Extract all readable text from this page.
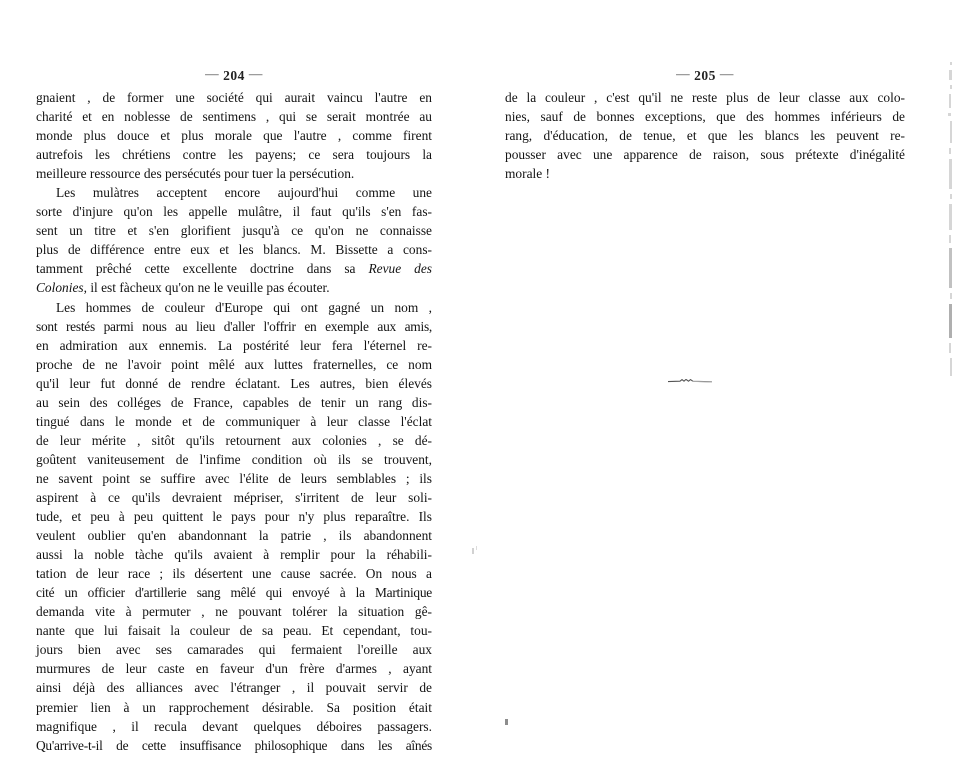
— 204 —

gnaient , de former une société qui aurait vaincu l'autre en
charité et en noblesse de sentimens , qui se serait montrée au
monde plus douce et plus morale que l'autre , comme firent
autrefois les chrétiens contre les payens; ce sera toujours la
meilleure ressource des persécutés pour tuer la persécution.

Les mulàtres acceptent encore aujourd'hui comme une
sorte d'injure qu'on les appelle mulâtre, il faut qu'ils s'en fas-
sent un titre et s'en glorifient jusqu'à ce qu'on ne connaisse
plus de différence entre eux et les blancs. M. Bissette a cons-
tamment prêché cette excellente doctrine dans sa Revue des
Colonies, il est fàcheux qu'on ne le veuille pas écouter.

Les hommes de couleur d'Europe qui ont gagné un nom ,
sont restés parmi nous au lieu d'aller l'offrir en exemple aux amis,
en admiration aux ennemis. La postérité leur fera l'éternel re-
proche de ne l'avoir point mêlé aux luttes fraternelles, ce nom
qu'il leur fut donné de rendre éclatant. Les autres, bien élevés
au sein des colléges de France, capables de tenir un rang dis-
tingué dans le monde et de communiquer à leur classe l'éclat
de leur mérite , sitôt qu'ils retournent aux colonies , se dé-
goûtent vaniteusement de l'infime condition où ils se trouvent,
ne savent point se suffire avec l'élite de leurs semblables ; ils
aspirent à ce qu'ils devraient mépriser, s'irritent de leur soli-
tude, et peu à peu quittent le pays pour n'y plus reparaître. Ils
veulent oublier qu'en abandonnant la patrie , ils abandonnent
aussi la noble tàche qu'ils avaient à remplir pour la réhabili-
tation de leur race ; ils désertent une cause sacrée. On nous a
cité un officier d'artillerie sang mêlé qui envoyé à la Martinique
demanda vite à permuter , ne pouvant tolérer la situation gê-
nante que lui faisait la couleur de sa peau. Et cependant, tou-
jours bien avec ses camarades qui fermaient l'oreille aux
murmures de leur caste en faveur d'un frère d'armes , ayant
ainsi déjà des alliances avec l'étranger , il pouvait servir de
premier lien à un rapprochement désirable. Sa position était
magnifique , il recula devant quelques déboires passagers.
Qu'arrive-t-il de cette insuffisance philosophique dans les aînés

— 205 —

de la couleur , c'est qu'il ne reste plus de leur classe aux colo-
nies, sauf de bonnes exceptions, que des hommes inférieurs de
rang, d'éducation, de tenue, et que les blancs les peuvent re-
pousser avec une apparence de raison, sous prétexte d'inégalité
morale !
